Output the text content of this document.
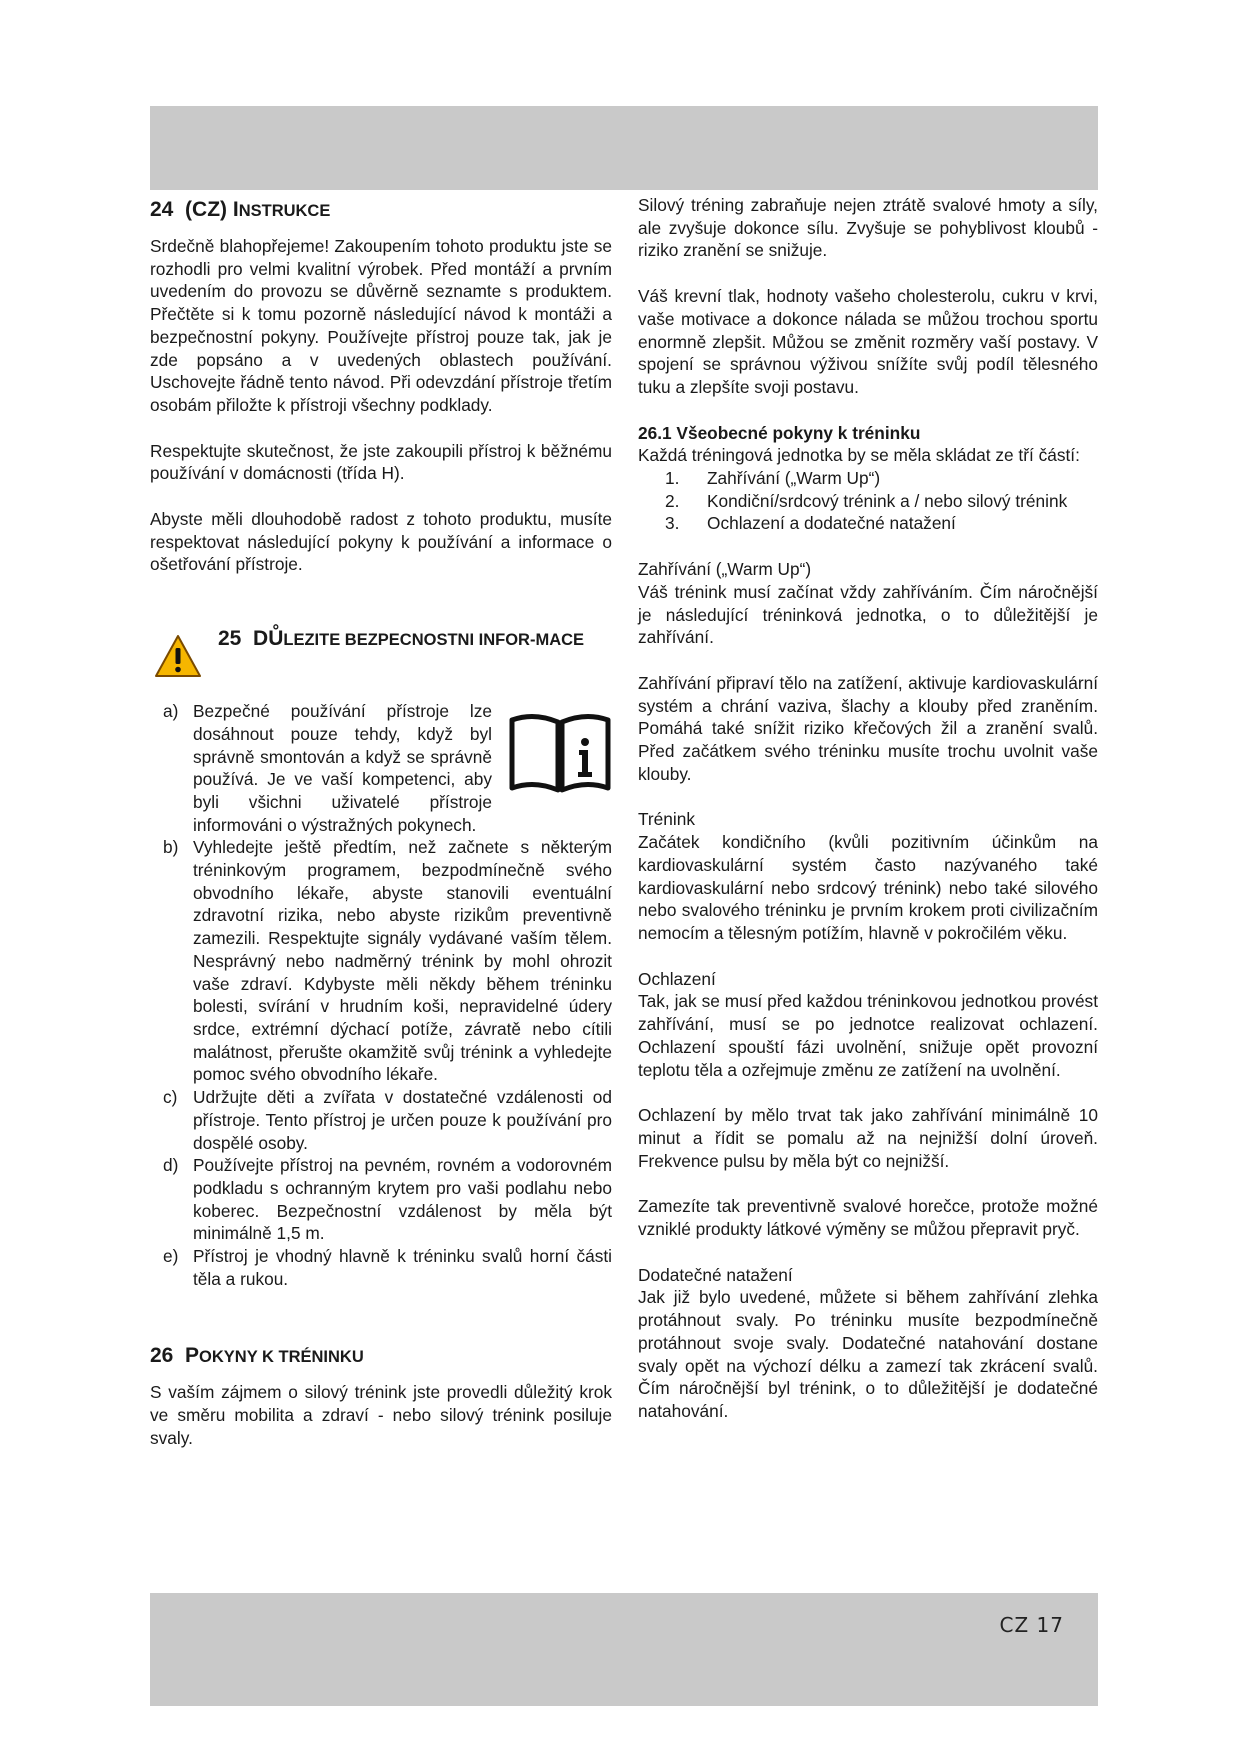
CZ 17
24 (CZ) INSTRUKCE

Srdečně blahopřejeme! Zakoupením tohoto produktu jste se rozhodli pro velmi kvalitní výrobek. Před montáží a prvním uvedením do provozu se důvěrně seznamte s produktem. Přečtěte si k tomu pozorně následující návod k montáži a bezpečnostní pokyny. Používejte přístroj pouze tak, jak je zde popsáno a v uvedených oblastech používání. Uschovejte řádně tento návod. Při odevzdání přístroje třetím osobám přiložte k přístroji všechny podklady.

Respektujte skutečnost, že jste zakoupili přístroj k běžnému používání v domácnosti (třída H).

Abyste měli dlouhodobě radost z tohoto produktu, musíte respektovat následující pokyny k používání a informace o ošetřování přístroje.

25 DŮLEZITE BEZPECNOSTNI INFOR-MACE
a) Bezpečné používání přístroje lze dosáhnout pouze tehdy, když byl správně smontován a když se správně používá. Je ve vaší kompetenci, aby byli všichni uživatelé přístroje informováni o výstražných pokynech.
b) Vyhledejte ještě předtím, než začnete s některým tréninkovým programem, bezpodmínečně svého obvodního lékaře, abyste stanovili eventuální zdravotní rizika, nebo abyste rizikům preventivně zamezili. Respektujte signály vydávané vaším tělem. Nesprávný nebo nadměrný trénink by mohl ohrozit vaše zdraví. Kdybyste měli někdy během tréninku bolesti, svírání v hrudním koši, nepravidelné údery srdce, extrémní dýchací potíže, závratě nebo cítili malátnost, přerušte okamžitě svůj trénink a vyhledejte pomoc svého obvodního lékaře.
c) Udržujte děti a zvířata v dostatečné vzdálenosti od přístroje. Tento přístroj je určen pouze k používání pro dospělé osoby.
d) Používejte přístroj na pevném, rovném a vodorovném podkladu s ochranným krytem pro vaši podlahu nebo koberec. Bezpečnostní vzdálenost by měla být minimálně 1,5 m.
e) Přístroj je vhodný hlavně k tréninku svalů horní části těla a rukou.
26 POKYNY K TRÉNINKU

S vaším zájmem o silový trénink jste provedli důležitý krok ve směru mobilita a zdraví - nebo silový trénink posiluje svaly.

Silový tréning zabraňuje nejen ztrátě svalové hmoty a síly, ale zvyšuje dokonce sílu. Zvyšuje se pohyblivost kloubů - riziko zranění se snižuje.

Váš krevní tlak, hodnoty vašeho cholesterolu, cukru v krvi, vaše motivace a dokonce nálada se můžou trochou sportu enormně zlepšit. Můžou se změnit rozměry vaší postavy. V spojení se správnou výživou snížíte svůj podíl tělesného tuku a zlepšíte svoji postavu.

26.1 Všeobecné pokyny k tréninku

Každá tréningová jednotka by se měla skládat ze tří částí:

1. Zahřívání („Warm Up“)
2. Kondiční/srdcový trénink a / nebo silový trénink
3. Ochlazení a dodatečné natažení

Zahřívání („Warm Up“)

Váš trénink musí začínat vždy zahříváním. Čím náročnější je následující tréninková jednotka, o to důležitější je zahřívání.

Zahřívání připraví tělo na zatížení, aktivuje kardiovaskulární systém a chrání vaziva, šlachy a klouby před zraněním. Pomáhá také snížit riziko křečových žil a zranění svalů. Před začátkem svého tréninku musíte trochu uvolnit vaše klouby.

Trénink

Začátek kondičního (kvůli pozitivním účinkům na kardiovaskulární systém často nazývaného také kardiovaskulární nebo srdcový trénink) nebo také silového nebo svalového tréninku je prvním krokem proti civilizačním nemocím a tělesným potížím, hlavně v pokročilém věku.

Ochlazení

Tak, jak se musí před každou tréninkovou jednotkou provést zahřívání, musí se po jednotce realizovat ochlazení. Ochlazení spouští fázi uvolnění, snižuje opět provozní teplotu těla a ozřejmuje změnu ze zatížení na uvolnění.

Ochlazení by mělo trvat tak jako zahřívání minimálně 10 minut a řídit se pomalu až na nejnižší dolní úroveň. Frekvence pulsu by měla být co nejnižší.

Zamezíte tak preventivně svalové horečce, protože možné vzniklé produkty látkové výměny se můžou přepravit pryč.

Dodatečné natažení

Jak již bylo uvedené, můžete si během zahřívání zlehka protáhnout svaly. Po tréninku musíte bezpodmínečně protáhnout svoje svaly. Dodatečné natahování dostane svaly opět na výchozí délku a zamezí tak zkrácení svalů. Čím náročnější byl trénink, o to důležitější je dodatečné natahování.
